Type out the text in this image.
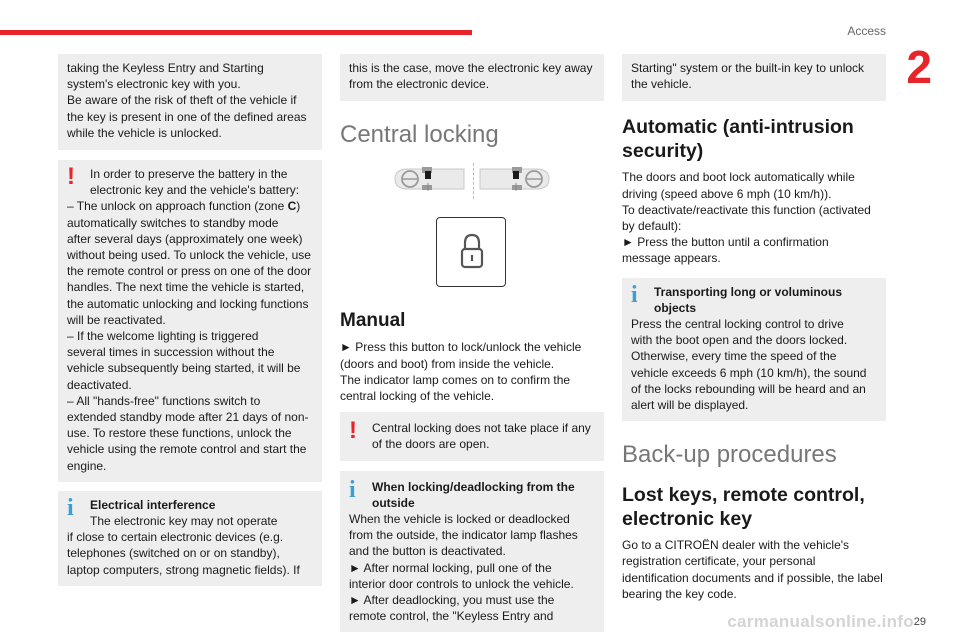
Access
2

taking the Keyless Entry and Starting

system's electronic key with you.

Be aware of the risk of theft of the vehicle if

the key is present in one of the defined areas

while the vehicle is unlocked.

!	In order to preserve the battery in the

electronic key and the vehicle's battery:

– The unlock on approach function (zone C)

automatically switches to standby mode

after several days (approximately one week)

without being used. To unlock the vehicle, use

the remote control or press on one of the door

handles. The next time the vehicle is started,

the automatic unlocking and locking functions

will be reactivated.

– If the welcome lighting is triggered

several times in succession without the

vehicle subsequently being started, it will be

deactivated.

– All "hands-free" functions switch to

extended standby mode after 21 days of non-

use. To restore these functions, unlock the

vehicle using the remote control and start the

engine.

i	Electrical interference

The electronic key may not operate

if close to certain electronic devices (e.g.

telephones (switched on or on standby),

laptop computers, strong magnetic fields). If

this is the case, move the electronic key away

from the electronic device.

Central locking
Manual

► Press this button to lock/unlock the vehicle

(doors and boot) from inside the vehicle.

The indicator lamp comes on to confirm the

central locking of the vehicle.

!	Central locking does not take place if any

of the doors are open.

i	When locking/deadlocking from the

outside

When the vehicle is locked or deadlocked

from the outside, the indicator lamp flashes

and the button is deactivated.

► After normal locking, pull one of the

interior door controls to unlock the vehicle.

► After deadlocking, you must use the

remote control, the "Keyless Entry and

Starting" system or the built-in key to unlock

the vehicle.

Automatic (anti-intrusion

security)

The doors and boot lock automatically while

driving (speed above 6 mph (10 km/h)).

To deactivate/reactivate this function (activated

by default):

► Press the button until a confirmation

message appears.

i	Transporting long or voluminous

objects

Press the central locking control to drive

with the boot open and the doors locked.

Otherwise, every time the speed of the

vehicle exceeds 6 mph (10 km/h), the sound

of the locks rebounding will be heard and an

alert will be displayed.

Back-up procedures

Lost keys, remote control,

electronic key

Go to a CITROËN dealer with the vehicle's

registration certificate, your personal

identification documents and if possible, the label

bearing the key code.

carmanualsonline.info 29
